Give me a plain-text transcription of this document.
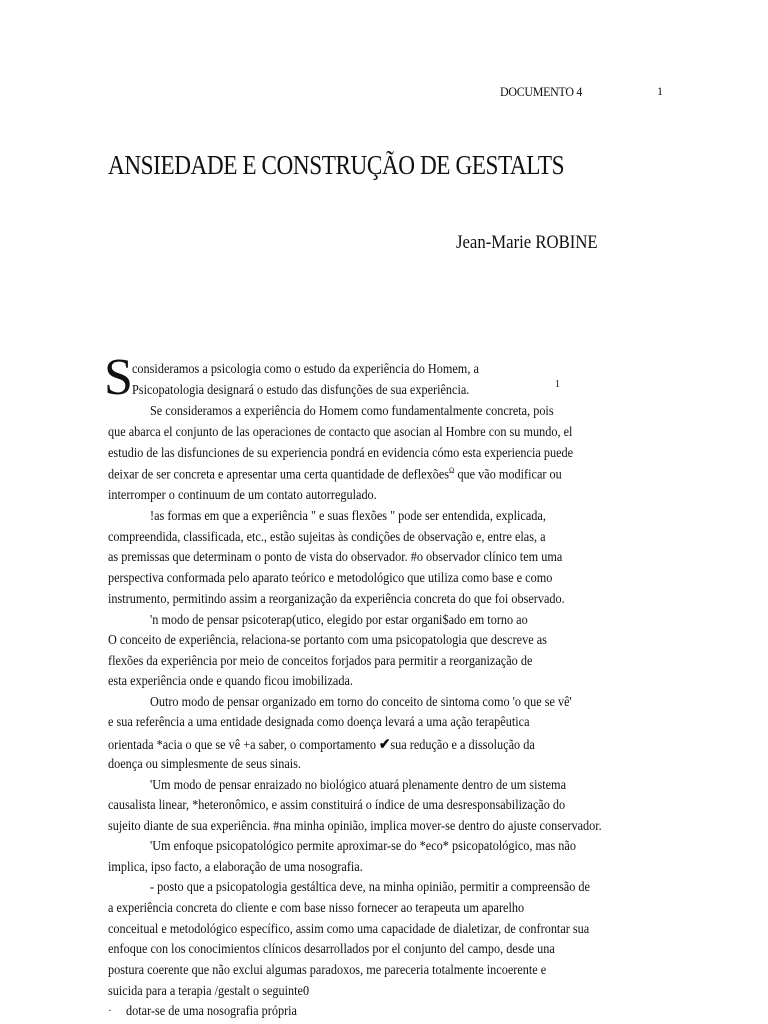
DOCUMENTO 4	1
ANSIEDADE E CONSTRUÇÃO DE GESTALTS
Jean-Marie ROBINE
S	1
consideramos a psicologia como o estudo da experiência do Homem, a
Psicopatologia designará o estudo das disfunções de sua experiência.
Se consideramos a experiência do Homem como fundamentalmente concreta, pois
que abarca el conjunto de las operaciones de contacto que asocian al Hombre con su mundo, el
estudio de las disfunciones de su experiencia pondrá en evidencia cómo esta experiencia puede
deixar de ser concreta e apresentar uma certa quantidade de deflexões$^\Omega$ que vão modificar ou
interromper o continuum de um contato autorregulado.
!as formas em que a experiência " e suas flexões " pode ser entendida, explicada,
compreendida, classificada, etc., estão sujeitas às condições de observação e, entre elas, a
as premissas que determinam o ponto de vista do observador. #o observador clínico tem uma
perspectiva conformada pelo aparato teórico e metodológico que utiliza como base e como
instrumento, permitindo assim a reorganização da experiência concreta do que foi observado.
'n modo de pensar psicoterap(utico, elegido por estar organi$ado em torno ao
O conceito de experiência, relaciona-se portanto com uma psicopatologia que descreve as
flexões da experiência por meio de conceitos forjados para permitir a reorganização de
esta experiência onde e quando ficou imobilizada.
Outro modo de pensar organizado em torno do conceito de sintoma como 'o que se vê'
e sua referência a uma entidade designada como doença levará a uma ação terapêutica
orientada *acia o que se vê +a saber, o comportamento ✔sua redução e a dissolução da
doença ou simplesmente de seus sinais.
'Um modo de pensar enraizado no biológico atuará plenamente dentro de um sistema
causalista linear, *heteronômico, e assim constituirá o índice de uma desresponsabilização do
sujeito diante de sua experiência. #na minha opinião, implica mover-se dentro do ajuste conservador.
'Um enfoque psicopatológico permite aproximar-se do *eco* psicopatológico, mas não
implica, ipso facto, a elaboração de uma nosografia.
- posto que a psicopatologia gestáltica deve, na minha opinião, permitir a compreensão de
a experiência concreta do cliente e com base nisso fornecer ao terapeuta um aparelho
conceitual e metodológico específico, assim como uma capacidade de dialetizar, de confrontar sua
enfoque con los conocimientos clínicos desarrollados por el conjunto del campo, desde una
postura coerente que não exclui algumas paradoxos, me pareceria totalmente incoerente e
suicida para a terapia /gestalt o seguinte0
· dotar-se de uma nosografia própria
